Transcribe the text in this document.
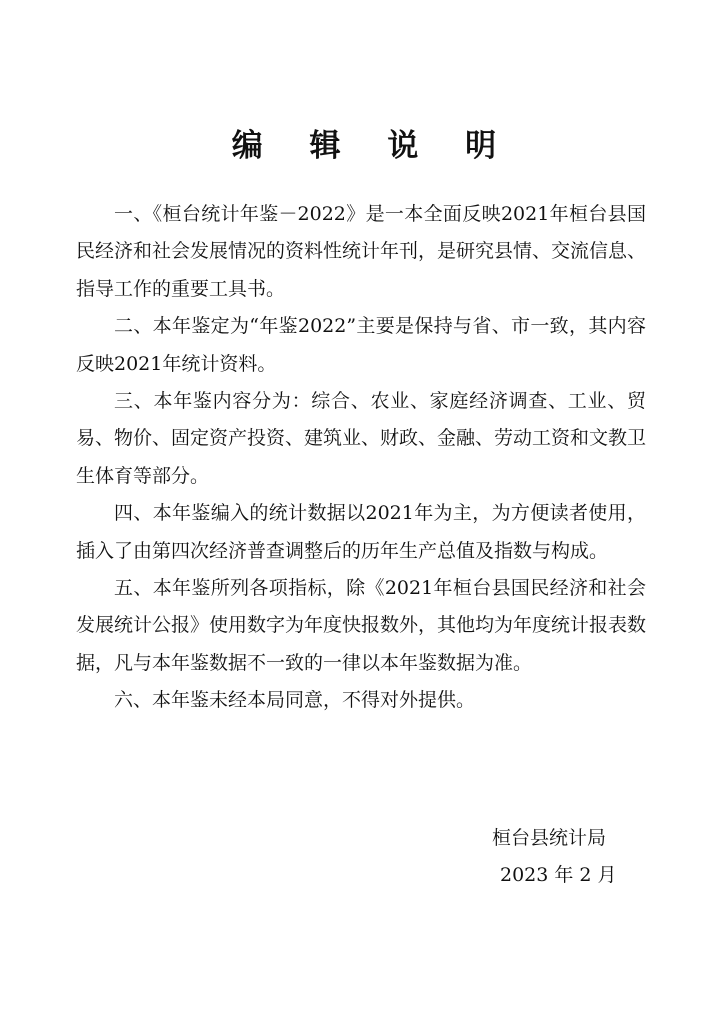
编 辑 说 明

一、《桓台统计年鉴－2022》是一本全面反映2021年桓台县国民经济和社会发展情况的资料性统计年刊，是研究县情、交流信息、指导工作的重要工具书。

二、本年鉴定为“年鉴2022”主要是保持与省、市一致，其内容反映2021年统计资料。

三、本年鉴内容分为：综合、农业、家庭经济调查、工业、贸易、物价、固定资产投资、建筑业、财政、金融、劳动工资和文教卫生体育等部分。

四、本年鉴编入的统计数据以2021年为主，为方便读者使用，插入了由第四次经济普查调整后的历年生产总值及指数与构成。

五、本年鉴所列各项指标，除《2021年桓台县国民经济和社会发展统计公报》使用数字为年度快报数外，其他均为年度统计报表数据，凡与本年鉴数据不一致的一律以本年鉴数据为准。

六、本年鉴未经本局同意，不得对外提供。

桓台县统计局
2023 年 2 月
